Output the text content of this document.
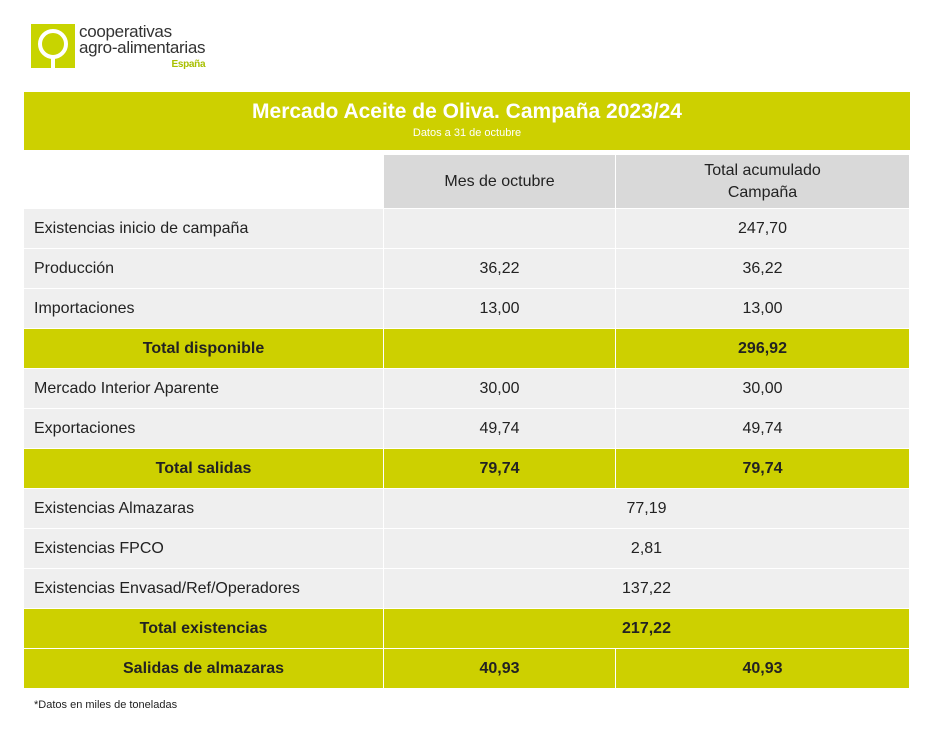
cooperativas
agro-alimentarias
España
Mercado Aceite de Oliva. Campaña 2023/24
Datos a 31 de octubre
	Mes de octubre	Total acumulado
Campaña
Existencias inicio de campaña		247,70
Producción	36,22	36,22
Importaciones	13,00	13,00
Total disponible		296,92
Mercado Interior Aparente	30,00	30,00
Exportaciones	49,74	49,74
Total salidas	79,74	79,74
Existencias Almazaras	77,19	
Existencias FPCO	2,81	
Existencias Envasad/Ref/Operadores	137,22	
Total existencias	217,22	
Salidas de almazaras	40,93	40,93
*Datos en miles de toneladas
